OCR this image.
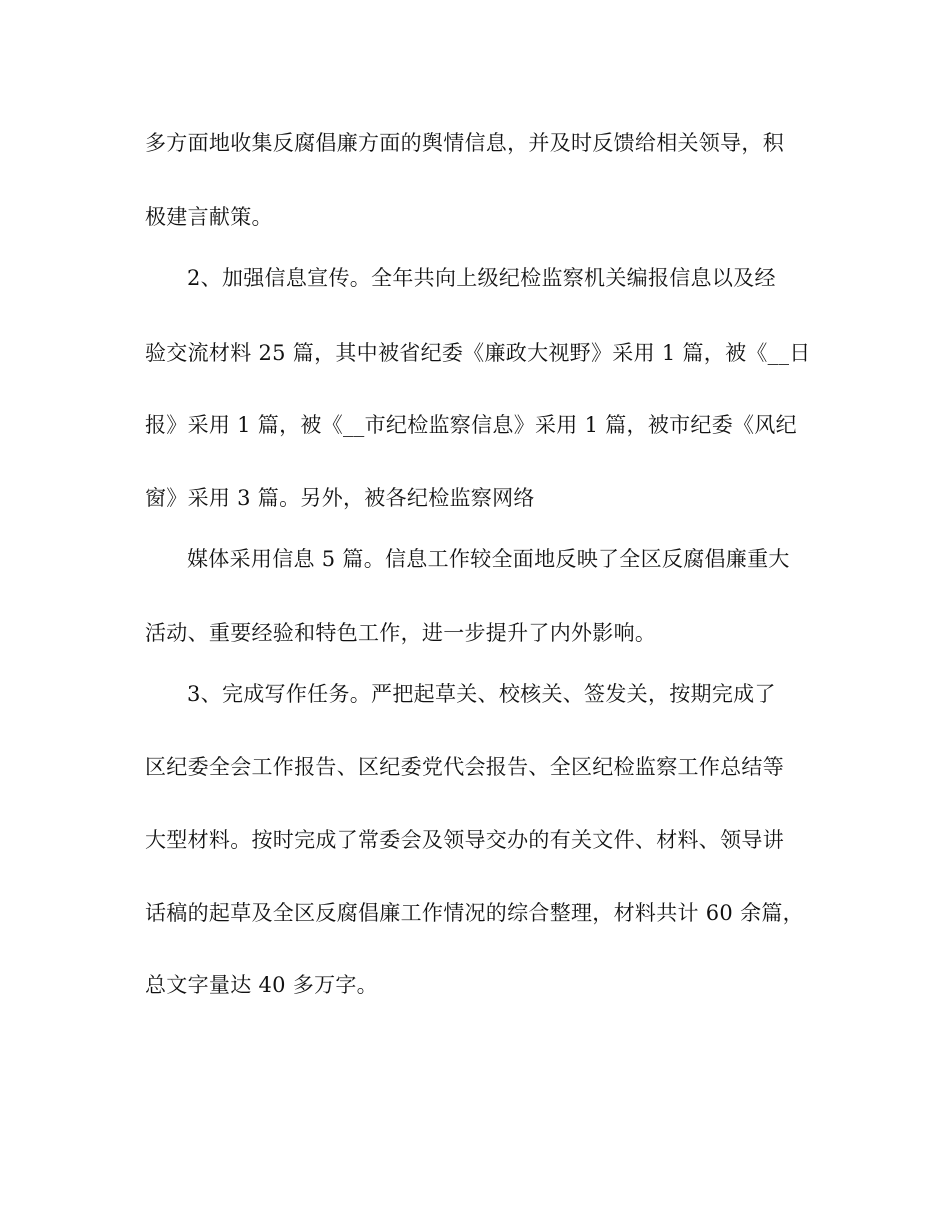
多方面地收集反腐倡廉方面的舆情信息，并及时反馈给相关领导，积
极建言献策。
2、加强信息宣传。全年共向上级纪检监察机关编报信息以及经
验交流材料 25 篇，其中被省纪委《廉政大视野》采用 1 篇，被《__日
报》采用 1 篇，被《__市纪检监察信息》采用 1 篇，被市纪委《风纪
窗》采用 3 篇。另外，被各纪检监察网络
媒体采用信息 5 篇。信息工作较全面地反映了全区反腐倡廉重大
活动、重要经验和特色工作，进一步提升了内外影响。
3、完成写作任务。严把起草关、校核关、签发关，按期完成了
区纪委全会工作报告、区纪委党代会报告、全区纪检监察工作总结等
大型材料。按时完成了常委会及领导交办的有关文件、材料、领导讲
话稿的起草及全区反腐倡廉工作情况的综合整理，材料共计 60 余篇，
总文字量达 40 多万字。
